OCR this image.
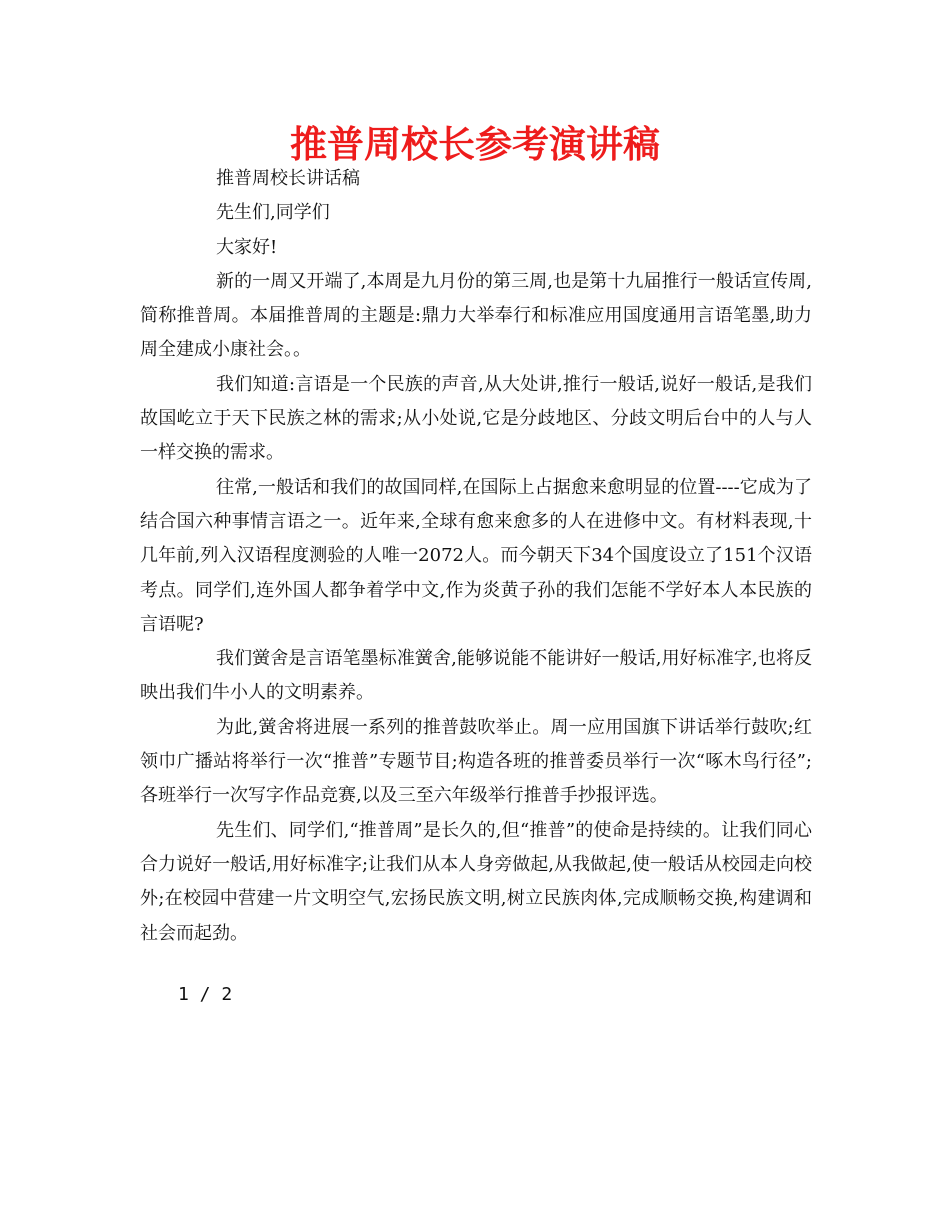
推普周校长参考演讲稿

推普周校长讲话稿

先生们,同学们

大家好!

新的一周又开端了,本周是九月份的第三周,也是第十九届推行一般话宣传周,简称推普周。本届推普周的主题是:鼎力大举奉行和标准应用国度通用言语笔墨,助力周全建成小康社会。。

我们知道:言语是一个民族的声音,从大处讲,推行一般话,说好一般话,是我们故国屹立于天下民族之林的需求;从小处说,它是分歧地区、分歧文明后台中的人与人一样交换的需求。

往常,一般话和我们的故国同样,在国际上占据愈来愈明显的位置----它成为了结合国六种事情言语之一。近年来,全球有愈来愈多的人在进修中文。有材料表现,十几年前,列入汉语程度测验的人唯一2072人。而今朝天下34个国度设立了151个汉语考点。同学们,连外国人都争着学中文,作为炎黄子孙的我们怎能不学好本人本民族的言语呢?

我们黉舍是言语笔墨标准黉舍,能够说能不能讲好一般话,用好标准字,也将反映出我们牛小人的文明素养。

为此,黉舍将进展一系列的推普鼓吹举止。周一应用国旗下讲话举行鼓吹;红领巾广播站将举行一次“推普”专题节目;构造各班的推普委员举行一次“啄木鸟行径”;各班举行一次写字作品竞赛,以及三至六年级举行推普手抄报评选。

先生们、同学们,“推普周”是长久的,但“推普”的使命是持续的。让我们同心合力说好一般话,用好标准字;让我们从本人身旁做起,从我做起,使一般话从校园走向校外;在校园中营建一片文明空气,宏扬民族文明,树立民族肉体,完成顺畅交换,构建调和社会而起劲。

1 / 2
